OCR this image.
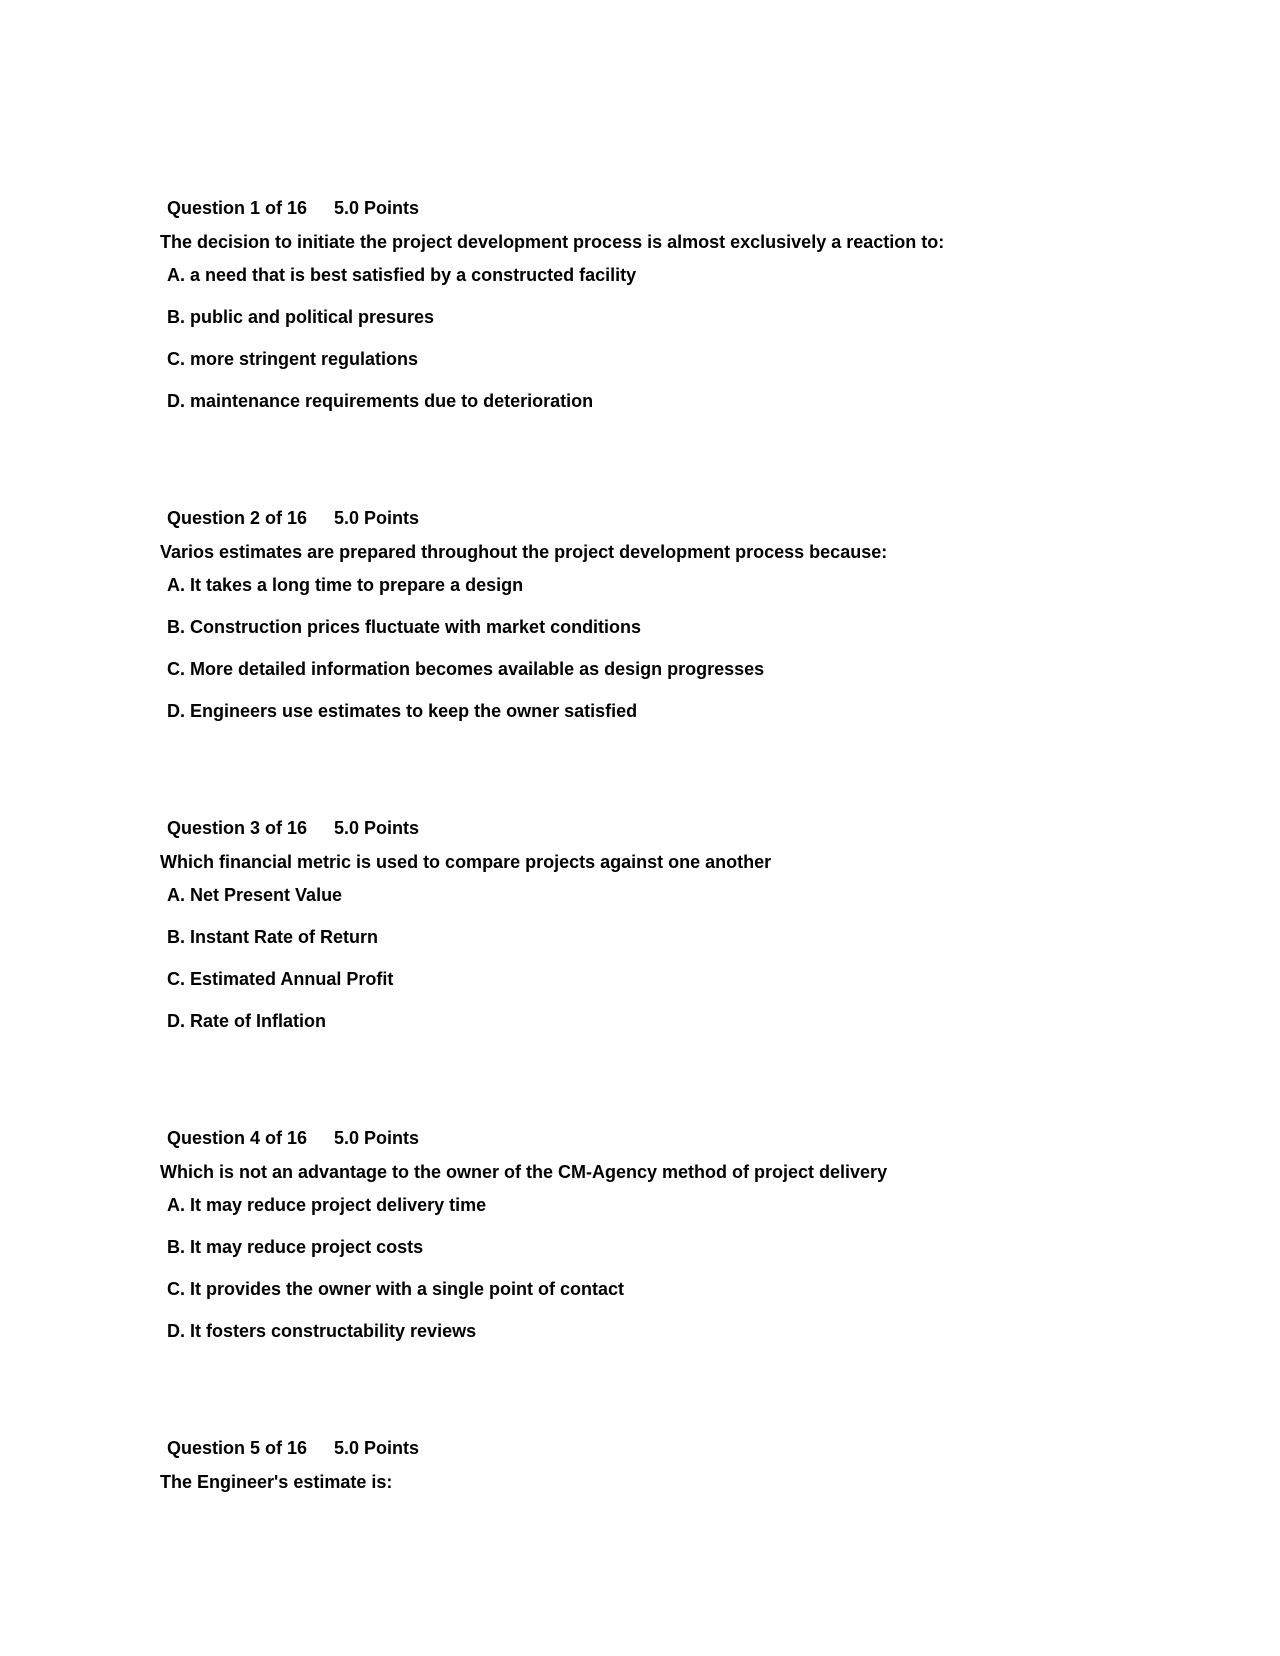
Question 1 of 16 5.0 Points
The decision to initiate the project development process is almost exclusively a reaction to:
A. a need that is best satisfied by a constructed facility
B. public and political presures
C. more stringent regulations
D. maintenance requirements due to deterioration
Question 2 of 16 5.0 Points
Varios estimates are prepared throughout the project development process because:
A. It takes a long time to prepare a design
B. Construction prices fluctuate with market conditions
C. More detailed information becomes available as design progresses
D. Engineers use estimates to keep the owner satisfied
Question 3 of 16 5.0 Points
Which financial metric is used to compare projects against one another
A. Net Present Value
B. Instant Rate of Return
C. Estimated Annual Profit
D. Rate of Inflation
Question 4 of 16 5.0 Points
Which is not an advantage to the owner of the CM-Agency method of project delivery
A. It may reduce project delivery time
B. It may reduce project costs
C. It provides the owner with a single point of contact
D. It fosters constructability reviews
Question 5 of 16 5.0 Points
The Engineer's estimate is:
